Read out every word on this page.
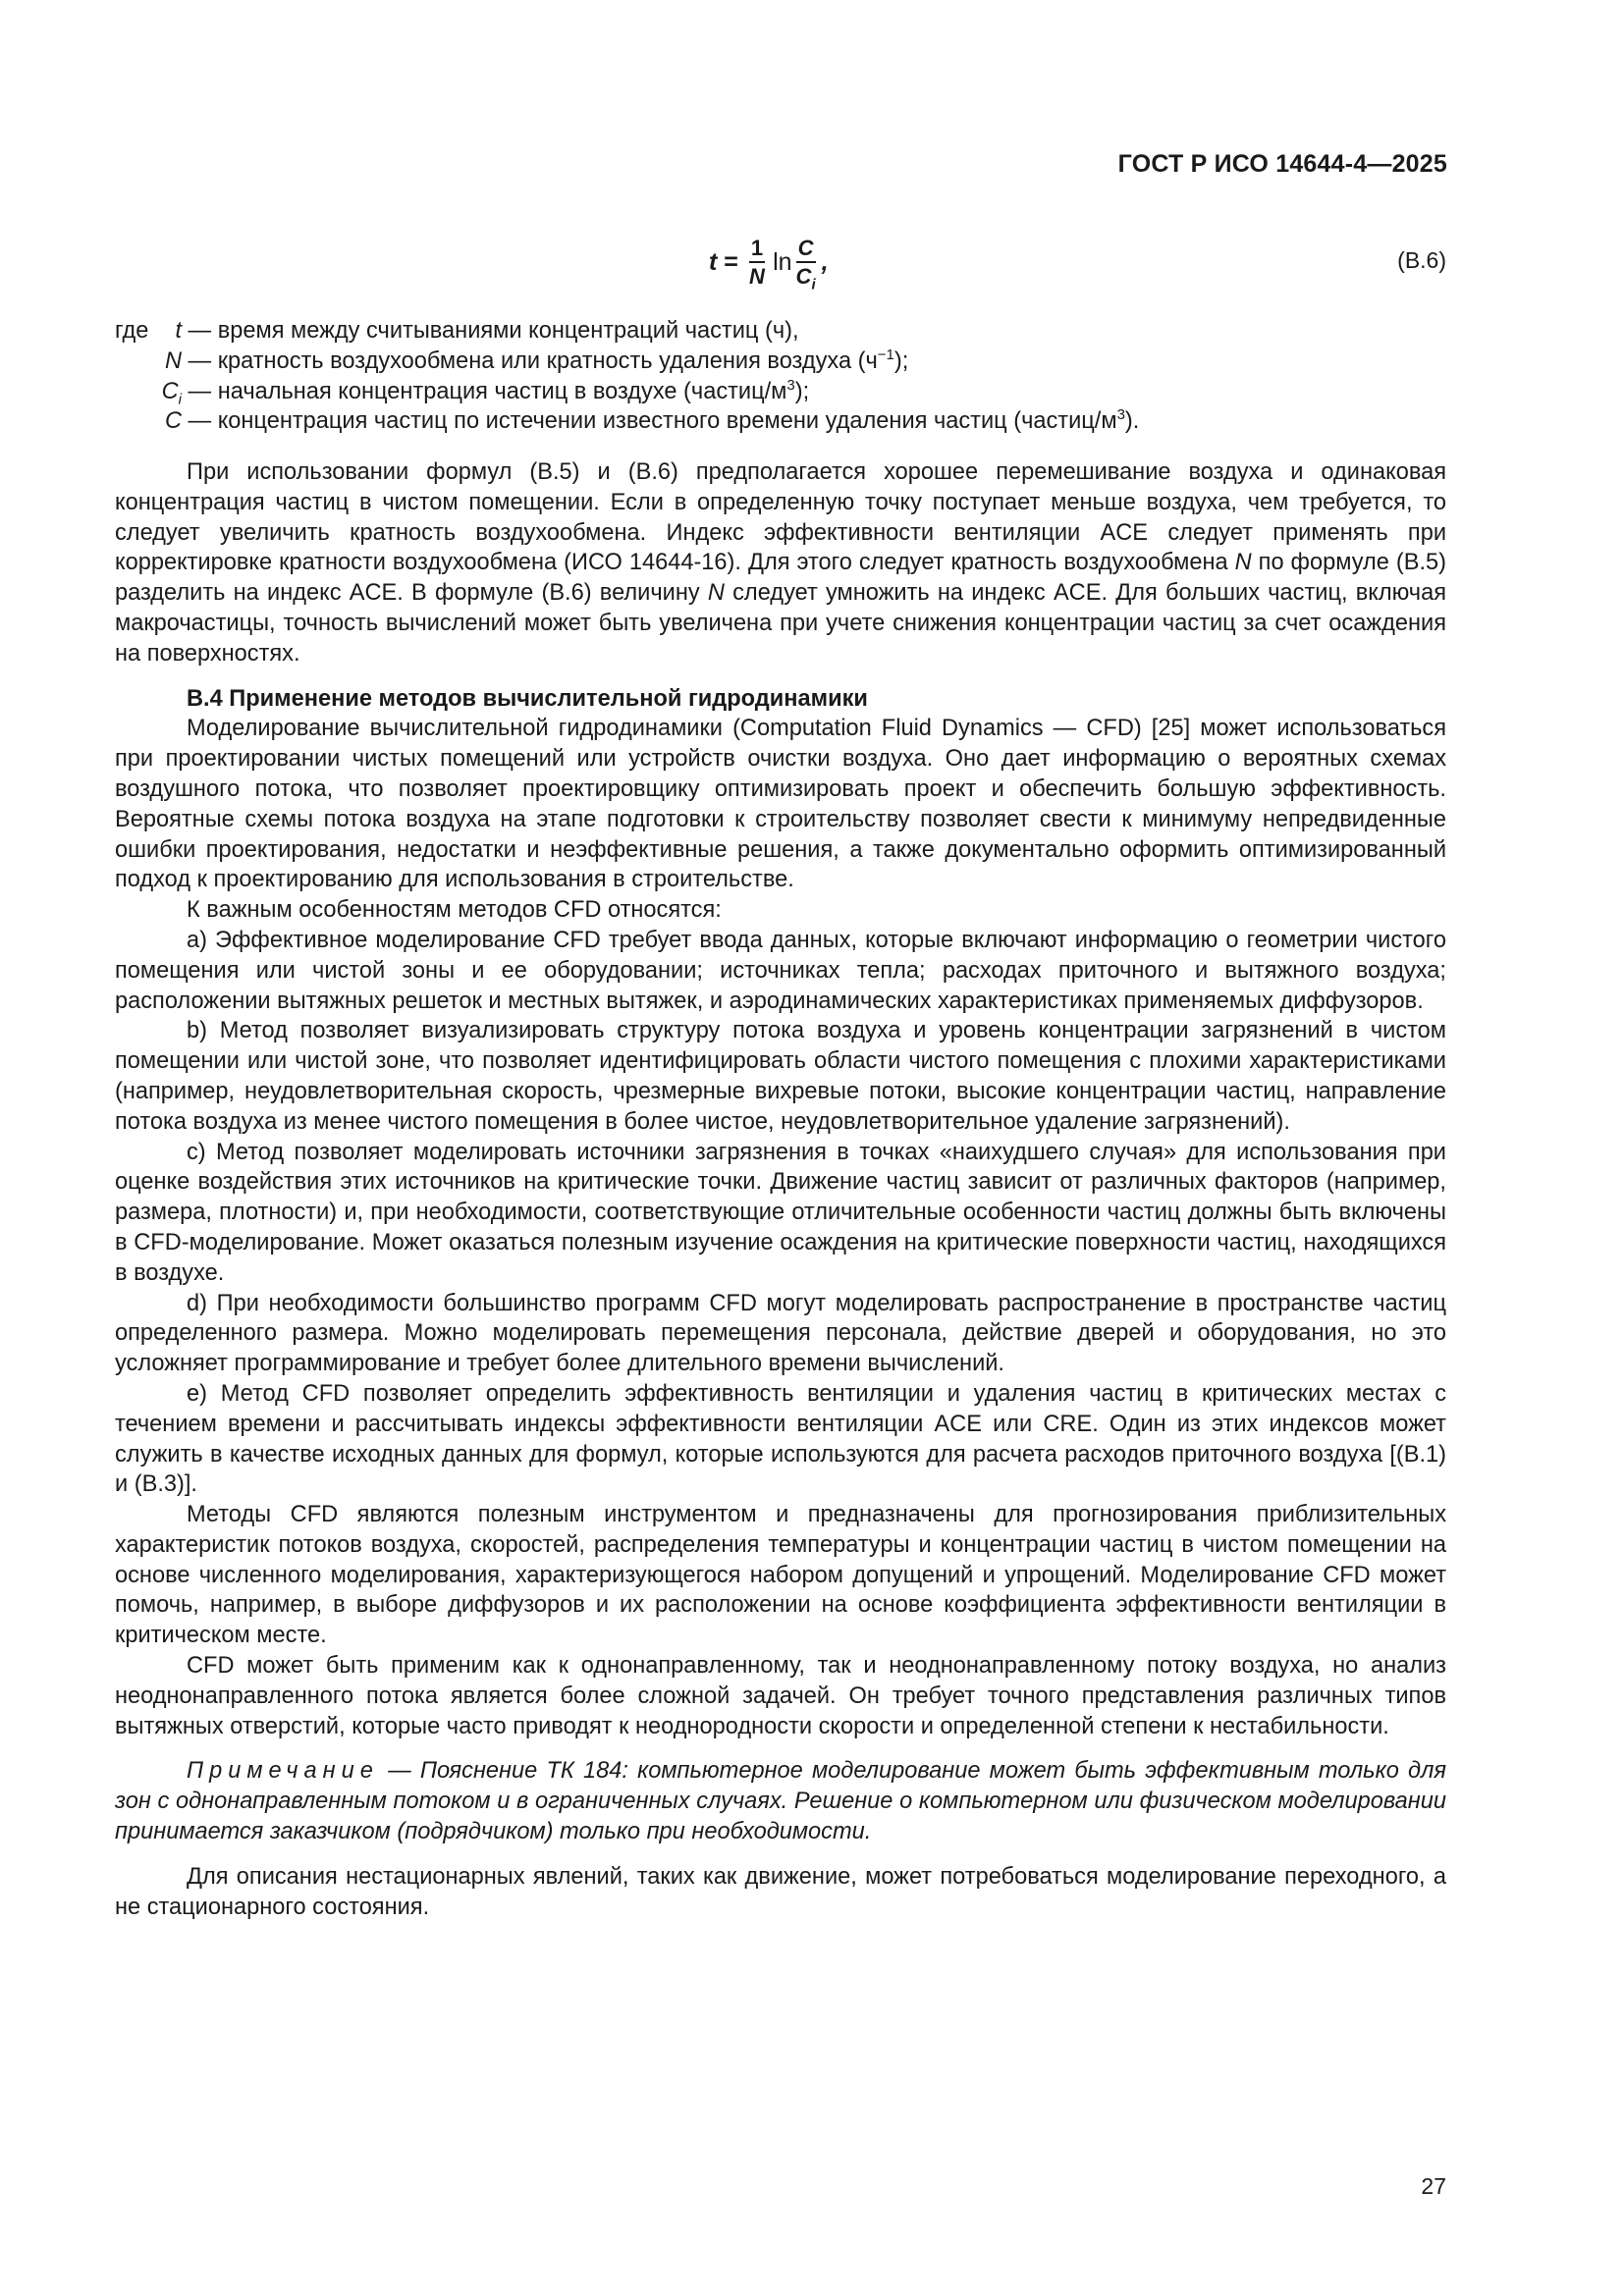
ГОСТ Р ИСО 14644-4—2025
$t = \frac{1}{N}$ $\ln \frac{C}{C_i}$ ,	(B.6)
где t — время между считываниями концентраций частиц (ч),
N — кратность воздухообмена или кратность удаления воздуха $(ч^{-1})$;
$C_i$ — начальная концентрация частиц в воздухе $(частиц/м^3)$;
C — концентрация частиц по истечении известного времени удаления частиц $(частиц/м^3)$.

При использовании формул (B.5) и (B.6) предполагается хорошее перемешивание воздуха и одинаковая концентрация частиц в чистом помещении. Если в определенную точку поступает меньше воздуха, чем требуется, то следует увеличить кратность воздухообмена. Индекс эффективности вентиляции ACE следует применять при корректировке кратности воздухообмена (ИСО 14644-16). Для этого следует кратность воздухообмена N по формуле (B.5) разделить на индекс ACE. В формуле (B.6) величину N следует умножить на индекс ACE. Для больших частиц, включая макрочастицы, точность вычислений может быть увеличена при учете снижения концентрации частиц за счет осаждения на поверхностях.

B.4 Применение методов вычислительной гидродинамики

Моделирование вычислительной гидродинамики (Computation Fluid Dynamics — CFD) [25] может использоваться при проектировании чистых помещений или устройств очистки воздуха. Оно дает информацию о вероятных схемах воздушного потока, что позволяет проектировщику оптимизировать проект и обеспечить большую эффективность. Вероятные схемы потока воздуха на этапе подготовки к строительству позволяет свести к минимуму непредвиденные ошибки проектирования, недостатки и неэффективные решения, а также документально оформить оптимизированный подход к проектированию для использования в строительстве.

К важным особенностям методов CFD относятся:

a) Эффективное моделирование CFD требует ввода данных, которые включают информацию о геометрии чистого помещения или чистой зоны и ее оборудовании; источниках тепла; расходах приточного и вытяжного воздуха; расположении вытяжных решеток и местных вытяжек, и аэродинамических характеристиках применяемых диффузоров.

b) Метод позволяет визуализировать структуру потока воздуха и уровень концентрации загрязнений в чистом помещении или чистой зоне, что позволяет идентифицировать области чистого помещения с плохими характеристиками (например, неудовлетворительная скорость, чрезмерные вихревые потоки, высокие концентрации частиц, направление потока воздуха из менее чистого помещения в более чистое, неудовлетворительное удаление загрязнений).

c) Метод позволяет моделировать источники загрязнения в точках «наихудшего случая» для использования при оценке воздействия этих источников на критические точки. Движение частиц зависит от различных факторов (например, размера, плотности) и, при необходимости, соответствующие отличительные особенности частиц должны быть включены в CFD-моделирование. Может оказаться полезным изучение осаждения на критические поверхности частиц, находящихся в воздухе.

d) При необходимости большинство программ CFD могут моделировать распространение в пространстве частиц определенного размера. Можно моделировать перемещения персонала, действие дверей и оборудования, но это усложняет программирование и требует более длительного времени вычислений.

e) Метод CFD позволяет определить эффективность вентиляции и удаления частиц в критических местах с течением времени и рассчитывать индексы эффективности вентиляции ACE или CRE. Один из этих индексов может служить в качестве исходных данных для формул, которые используются для расчета расходов приточного воздуха [(B.1) и (B.3)].

Методы CFD являются полезным инструментом и предназначены для прогнозирования приблизительных характеристик потоков воздуха, скоростей, распределения температуры и концентрации частиц в чистом помещении на основе численного моделирования, характеризующегося набором допущений и упрощений. Моделирование CFD может помочь, например, в выборе диффузоров и их расположении на основе коэффициента эффективности вентиляции в критическом месте.

CFD может быть применим как к однонаправленному, так и неоднонаправленному потоку воздуха, но анализ неоднонаправленного потока является более сложной задачей. Он требует точного представления различных типов вытяжных отверстий, которые часто приводят к неоднородности скорости и определенной степени к нестабильности.

Примечание — Пояснение ТК 184: компьютерное моделирование может быть эффективным только для зон с однонаправленным потоком и в ограниченных случаях. Решение о компьютерном или физическом моделировании принимается заказчиком (подрядчиком) только при необходимости.

Для описания нестационарных явлений, таких как движение, может потребоваться моделирование переходного, а не стационарного состояния.

27
